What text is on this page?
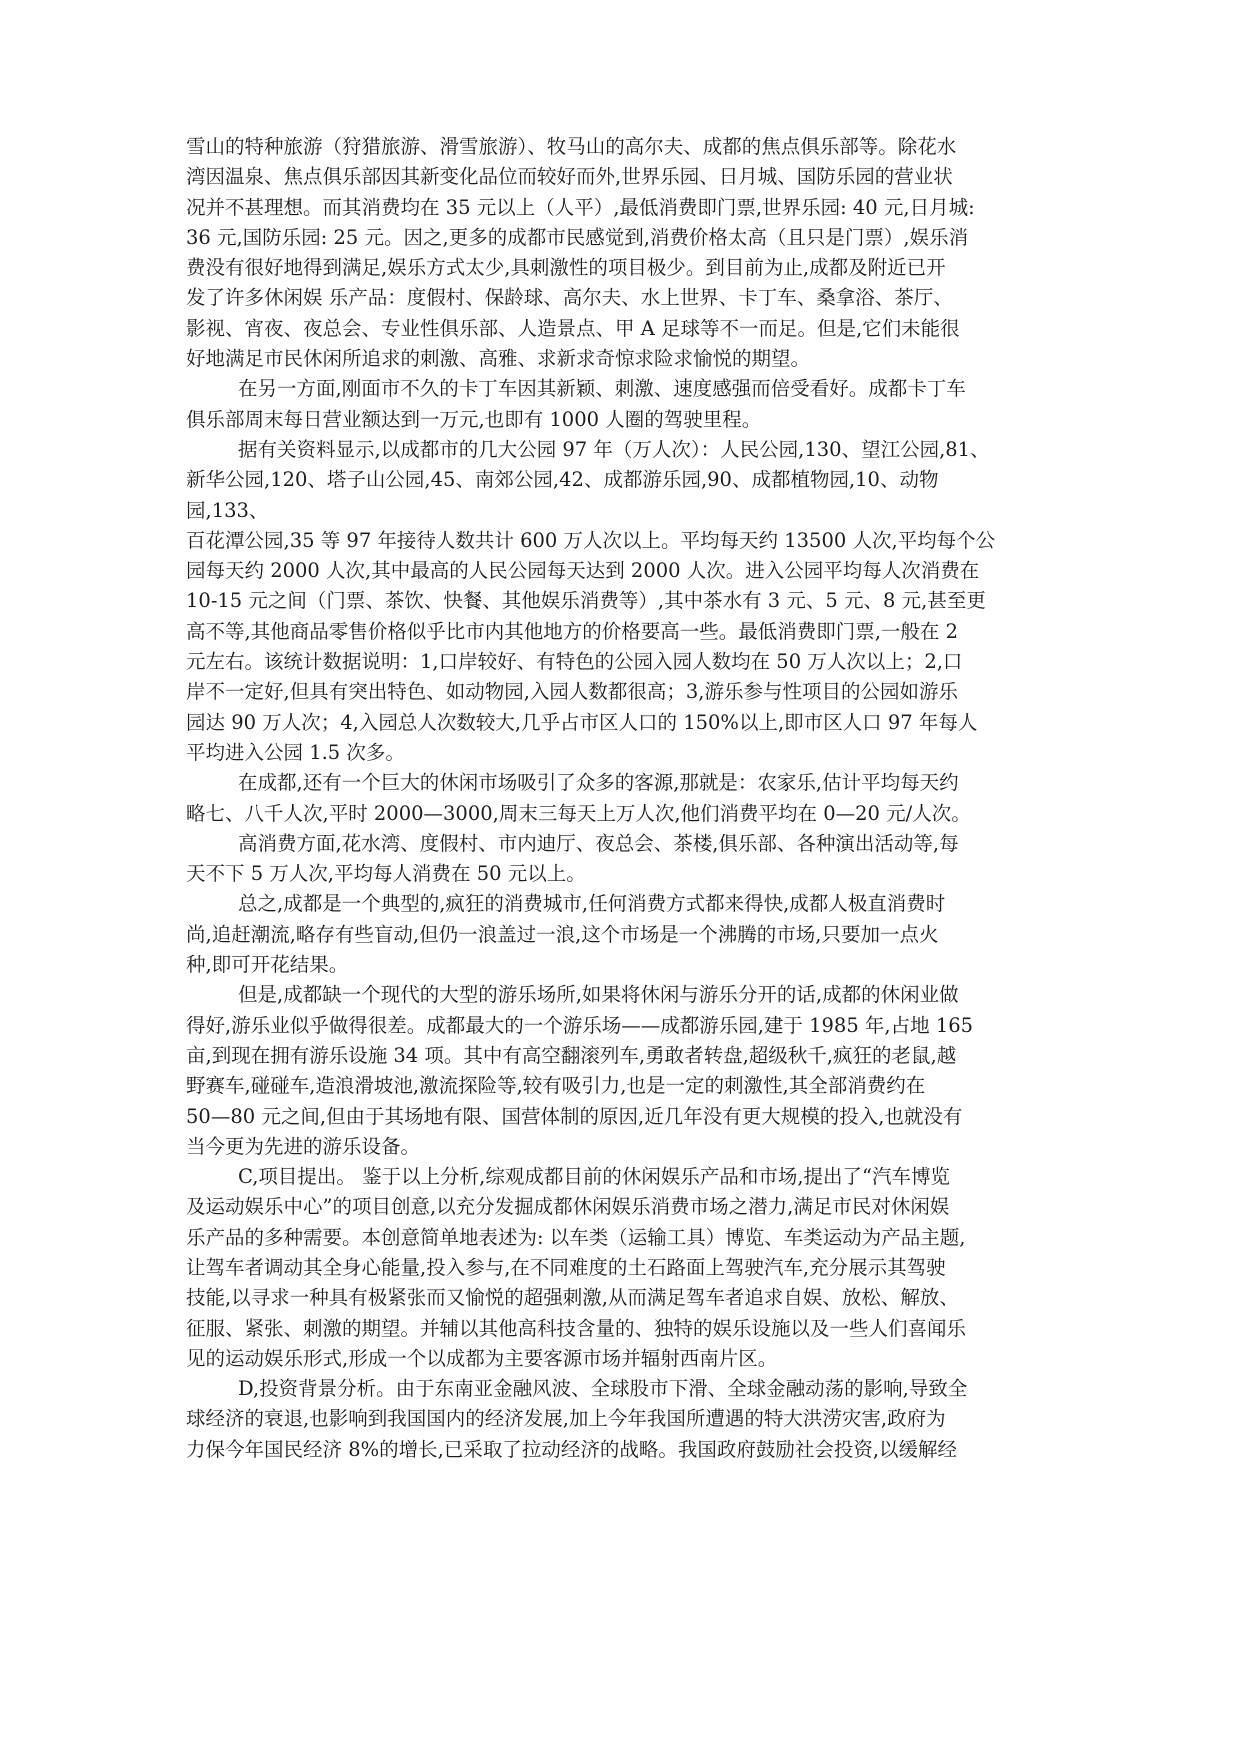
雪山的特种旅游（狩猎旅游、滑雪旅游）、牧马山的高尔夫、成都的焦点俱乐部等。除花水
湾因温泉、焦点俱乐部因其新变化品位而较好而外,世界乐园、日月城、国防乐园的营业状
况并不甚理想。而其消费均在 35 元以上（人平）,最低消费即门票,世界乐园: 40 元,日月城:
36 元,国防乐园: 25 元。因之,更多的成都市民感觉到,消费价格太高（且只是门票）,娱乐消
费没有很好地得到满足,娱乐方式太少,具刺激性的项目极少。到目前为止,成都及附近已开
发了许多休闲娱 乐产品：度假村、保龄球、高尔夫、水上世界、卡丁车、桑拿浴、茶厅、
影视、宵夜、夜总会、专业性俱乐部、人造景点、甲 A 足球等不一而足。但是,它们未能很
好地满足市民休闲所追求的刺激、高雅、求新求奇惊求险求愉悦的期望。
在另一方面,刚面市不久的卡丁车因其新颖、刺激、速度感强而倍受看好。成都卡丁车
俱乐部周末每日营业额达到一万元,也即有 1000 人圈的驾驶里程。
据有关资料显示,以成都市的几大公园 97 年（万人次）：人民公园,130、望江公园,81、
新华公园,120、塔子山公园,45、南郊公园,42、成都游乐园,90、成都植物园,10、动物
园,133、
百花潭公园,35 等 97 年接待人数共计 600 万人次以上。平均每天约 13500 人次,平均每个公
园每天约 2000 人次,其中最高的人民公园每天达到 2000 人次。进入公园平均每人次消费在
10-15 元之间（门票、茶饮、快餐、其他娱乐消费等）,其中茶水有 3 元、5 元、8 元,甚至更
高不等,其他商品零售价格似乎比市内其他地方的价格要高一些。最低消费即门票,一般在 2
元左右。该统计数据说明：1,口岸较好、有特色的公园入园人数均在 50 万人次以上；2,口
岸不一定好,但具有突出特色、如动物园,入园人数都很高；3,游乐参与性项目的公园如游乐
园达 90 万人次；4,入园总人次数较大,几乎占市区人口的 150%以上,即市区人口 97 年每人
平均进入公园 1.5 次多。
在成都,还有一个巨大的休闲市场吸引了众多的客源,那就是：农家乐,估计平均每天约
略七、八千人次,平时 2000—3000,周末三每天上万人次,他们消费平均在 0—20 元/人次。
高消费方面,花水湾、度假村、市内迪厅、夜总会、茶楼,俱乐部、各种演出活动等,每
天不下 5 万人次,平均每人消费在 50 元以上。
总之,成都是一个典型的,疯狂的消费城市,任何消费方式都来得快,成都人极直消费时
尚,追赶潮流,略存有些盲动,但仍一浪盖过一浪,这个市场是一个沸腾的市场,只要加一点火
种,即可开花结果。
但是,成都缺一个现代的大型的游乐场所,如果将休闲与游乐分开的话,成都的休闲业做
得好,游乐业似乎做得很差。成都最大的一个游乐场——成都游乐园,建于 1985 年,占地 165
亩,到现在拥有游乐设施 34 项。其中有高空翻滚列车,勇敢者转盘,超级秋千,疯狂的老鼠,越
野赛车,碰碰车,造浪滑坡池,激流探险等,较有吸引力,也是一定的刺激性,其全部消费约在
50—80 元之间,但由于其场地有限、国营体制的原因,近几年没有更大规模的投入,也就没有
当今更为先进的游乐设备。
C,项目提出。 鉴于以上分析,综观成都目前的休闲娱乐产品和市场,提出了“汽车博览
及运动娱乐中心”的项目创意,以充分发掘成都休闲娱乐消费市场之潜力,满足市民对休闲娱
乐产品的多种需要。本创意简单地表述为: 以车类（运输工具）博览、车类运动为产品主题,
让驾车者调动其全身心能量,投入参与,在不同难度的土石路面上驾驶汽车,充分展示其驾驶
技能,以寻求一种具有极紧张而又愉悦的超强刺激,从而满足驾车者追求自娱、放松、解放、
征服、紧张、刺激的期望。并辅以其他高科技含量的、独特的娱乐设施以及一些人们喜闻乐
见的运动娱乐形式,形成一个以成都为主要客源市场并辐射西南片区。
D,投资背景分析。由于东南亚金融风波、全球股市下滑、全球金融动荡的影响,导致全
球经济的衰退,也影响到我国国内的经济发展,加上今年我国所遭遇的特大洪涝灾害,政府为
力保今年国民经济 8%的增长,已采取了拉动经济的战略。我国政府鼓励社会投资,以缓解经
